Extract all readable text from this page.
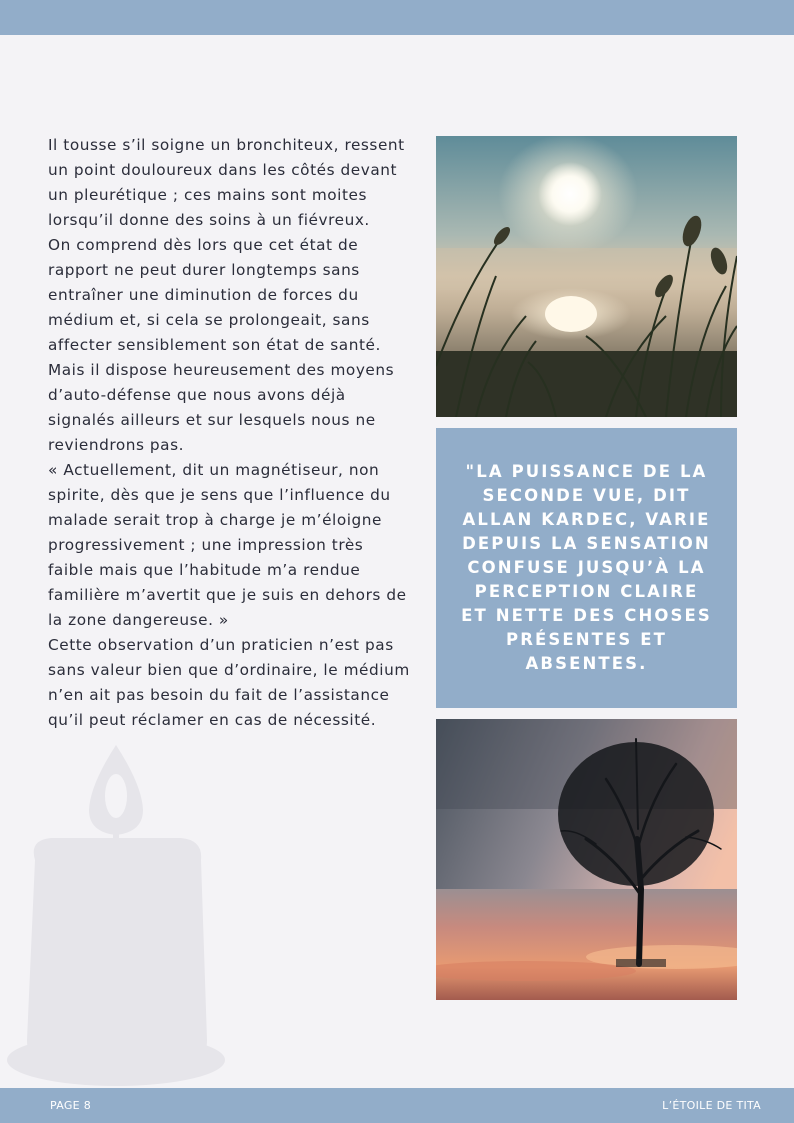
Il tousse s’il soigne un bronchiteux, ressent un point douloureux dans les côtés devant un pleurétique ; ces mains sont moites lorsqu’il donne des soins à un fiévreux.

On comprend dès lors que cet état de rapport ne peut durer longtemps sans entraîner une diminution de forces du médium et, si cela se prolongeait, sans affecter sensiblement son état de santé.

Mais il dispose heureusement des moyens d’auto-défense que nous avons déjà signalés ailleurs et sur lesquels nous ne reviendrons pas.

« Actuellement, dit un magnétiseur, non spirite, dès que je sens que l’influence du malade serait trop à charge je m’éloigne progressivement ; une impression très faible mais que l’habitude m’a rendue familière m’avertit que je suis en dehors de la zone dangereuse. »

Cette observation d’un praticien n’est pas sans valeur bien que d’ordinaire, le médium n’en ait pas besoin du fait de l’assistance qu’il peut réclamer en cas de nécessité.

"LA PUISSANCE DE LA SECONDE VUE, DIT ALLAN KARDEC, VARIE DEPUIS LA SENSATION CONFUSE JUSQU’À LA PERCEPTION CLAIRE ET NETTE DES CHOSES PRÉSENTES ET ABSENTES.

PAGE 8	L’ÉTOILE DE TITA
